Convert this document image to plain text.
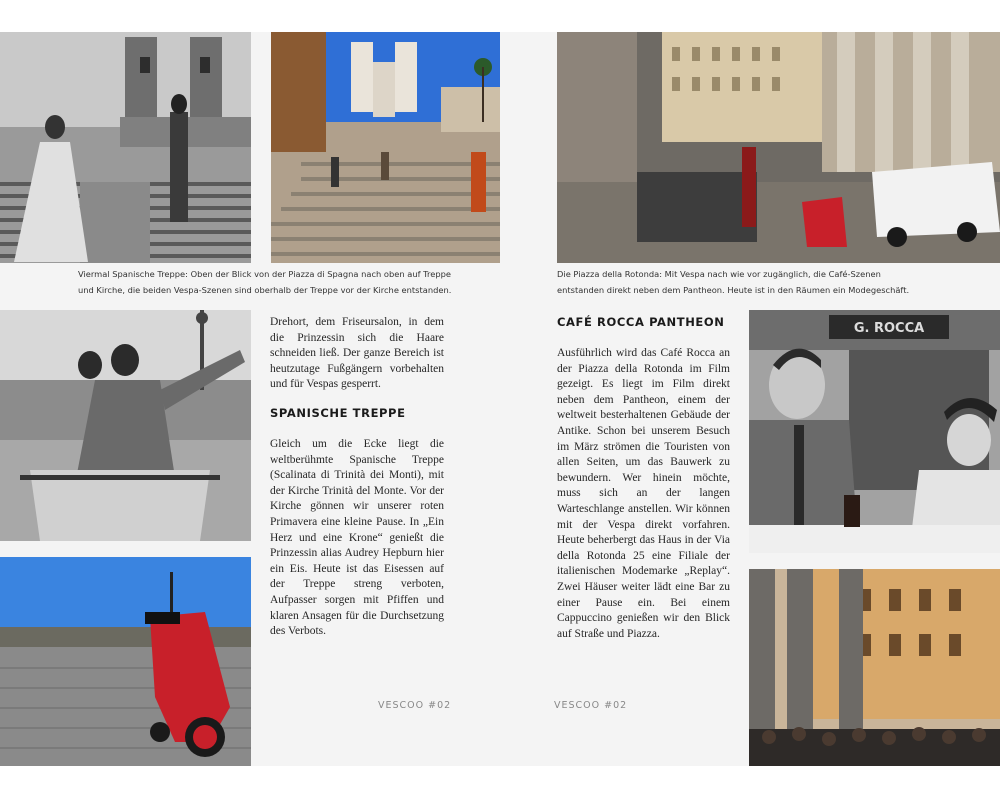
Viermal Spanische Treppe: Oben der Blick von der Piazza di Spagna nach oben auf Treppe und Kirche, die beiden Vespa-Szenen sind oberhalb der Treppe vor der Kirche entstanden.
Drehort, dem Friseursalon, in dem die Prinzessin sich die Haare schneiden ließ. Der ganze Bereich ist heutzutage Fußgängern vorbehalten und für Vespas gesperrt.
SPANISCHE TREPPE
Gleich um die Ecke liegt die weltberühmte Spanische Treppe (Scalinata di Trinità dei Monti), mit der Kirche Trinità del Monte. Vor der Kirche gönnen wir unserer roten Primavera eine kleine Pause. In „Ein Herz und eine Krone“ genießt die Prinzessin alias Audrey Hepburn hier ein Eis. Heute ist das Eisessen auf der Treppe streng verboten, Aufpasser sorgen mit Pfiffen und klaren Ansagen für die Durchsetzung des Verbots.
VESCOO #02
Die Piazza della Rotonda: Mit Vespa nach wie vor zugänglich, die Café-Szenen entstanden direkt neben dem Pantheon. Heute ist in den Räumen ein Modegeschäft.
CAFÉ ROCCA PANTHEON
Ausführlich wird das Café Rocca an der Piazza della Rotonda im Film gezeigt. Es liegt im Film direkt neben dem Pantheon, einem der weltweit besterhaltenen Gebäude der Antike. Schon bei unserem Besuch im März strömen die Touristen von allen Seiten, um das Bauwerk zu bewundern. Wer hinein möchte, muss sich an der langen Warteschlange anstellen. Wir können mit der Vespa direkt vorfahren. Heute beherbergt das Haus in der Via della Rotonda 25 eine Filiale der italienischen Modemarke „Replay“. Zwei Häuser weiter lädt eine Bar zu einer Pause ein. Bei einem Cappuccino genießen wir den Blick auf Straße und Piazza.
G. ROCCA
VESCOO #02
